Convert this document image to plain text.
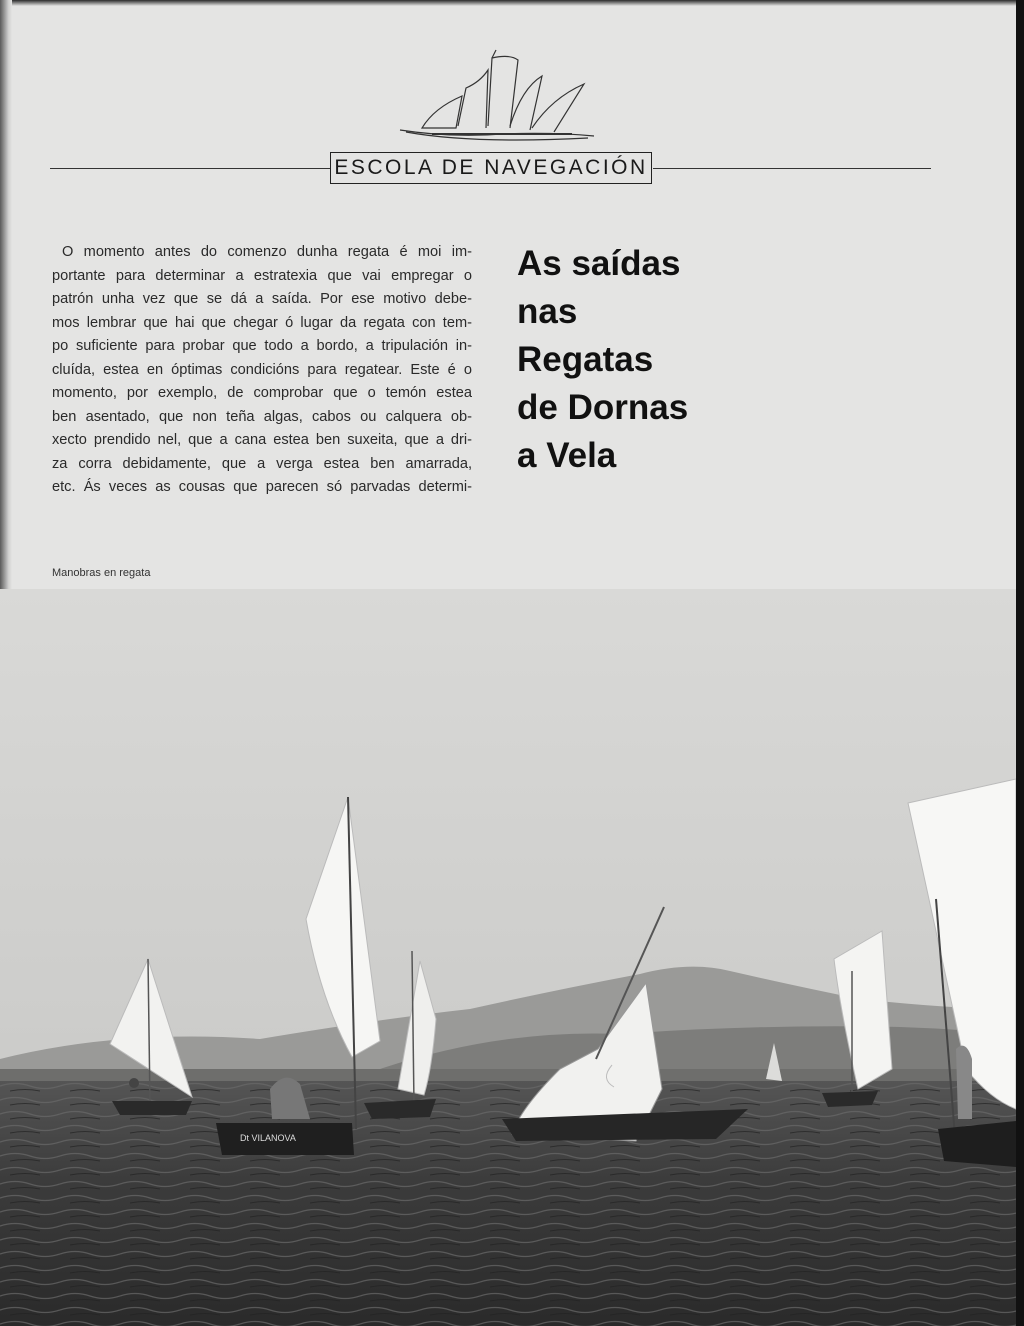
ESCOLA DE NAVEGACIÓN
O momento antes do comenzo dunha regata é moi im-
portante para determinar a estratexia que vai empregar o
patrón unha vez que se dá a saída. Por ese motivo debe-
mos lembrar que hai que chegar ó lugar da regata con tem-
po suficiente para probar que todo a bordo, a tripulación in-
cluída, estea en óptimas condicións para regatear. Este é o
momento, por exemplo, de comprobar que o temón estea
ben asentado, que non teña algas, cabos ou calquera ob-
xecto prendido nel, que a cana estea ben suxeita, que a dri-
za corra debidamente, que a verga estea ben amarrada,
etc. Ás veces as cousas que parecen só parvadas determi-
As saídas
nas
Regatas
de Dornas
a Vela
Manobras en regata
Dt VILANOVA
